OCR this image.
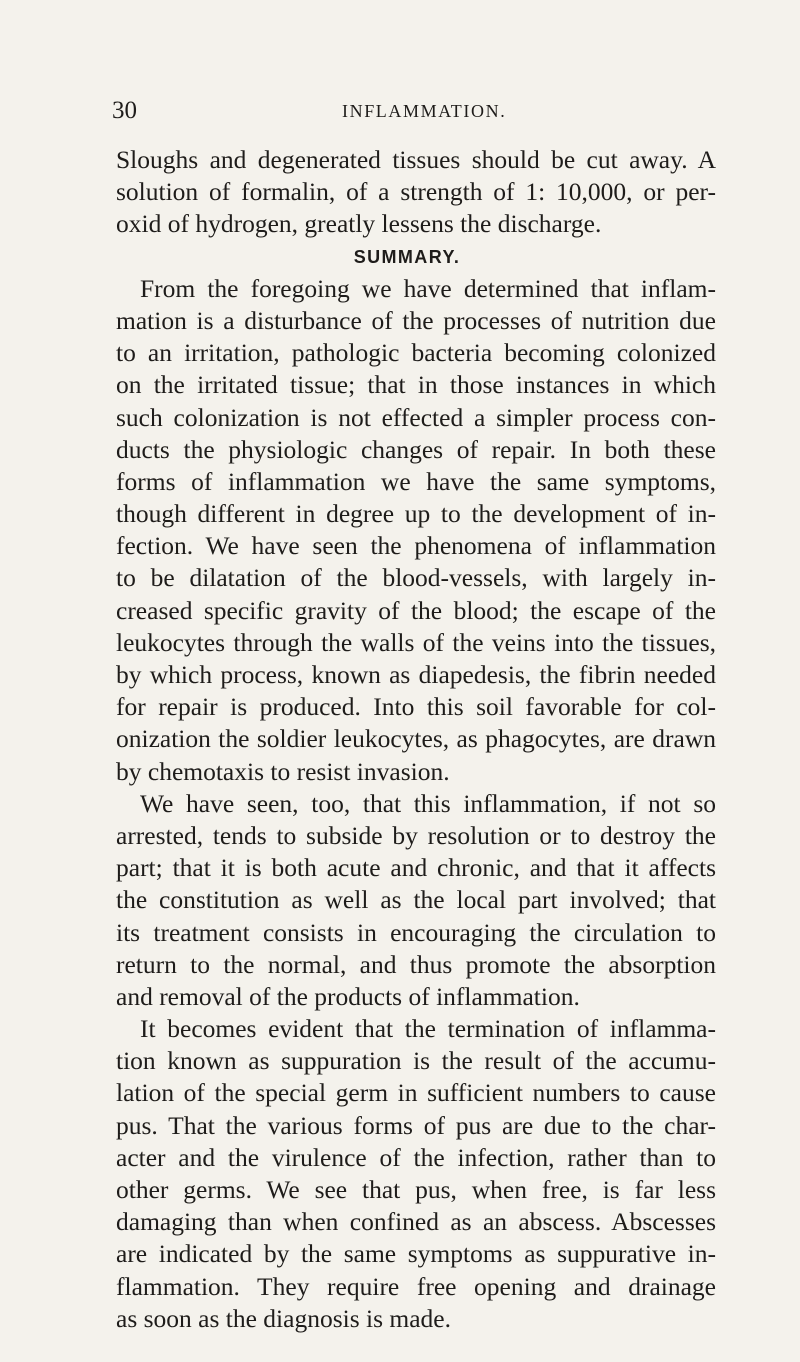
30	INFLAMMATION.
Sloughs and degenerated tissues should be cut away. A
solution of formalin, of a strength of 1: 10,000, or per-
oxid of hydrogen, greatly lessens the discharge.
SUMMARY.
From the foregoing we have determined that inflam-
mation is a disturbance of the processes of nutrition due
to an irritation, pathologic bacteria becoming colonized
on the irritated tissue; that in those instances in which
such colonization is not effected a simpler process con-
ducts the physiologic changes of repair. In both these
forms of inflammation we have the same symptoms,
though different in degree up to the development of in-
fection. We have seen the phenomena of inflammation
to be dilatation of the blood-vessels, with largely in-
creased specific gravity of the blood; the escape of the
leukocytes through the walls of the veins into the tissues,
by which process, known as diapedesis, the fibrin needed
for repair is produced. Into this soil favorable for col-
onization the soldier leukocytes, as phagocytes, are drawn
by chemotaxis to resist invasion.
We have seen, too, that this inflammation, if not so
arrested, tends to subside by resolution or to destroy the
part; that it is both acute and chronic, and that it affects
the constitution as well as the local part involved; that
its treatment consists in encouraging the circulation to
return to the normal, and thus promote the absorption
and removal of the products of inflammation.
It becomes evident that the termination of inflamma-
tion known as suppuration is the result of the accumu-
lation of the special germ in sufficient numbers to cause
pus. That the various forms of pus are due to the char-
acter and the virulence of the infection, rather than to
other germs. We see that pus, when free, is far less
damaging than when confined as an abscess. Abscesses
are indicated by the same symptoms as suppurative in-
flammation. They require free opening and drainage
as soon as the diagnosis is made.
